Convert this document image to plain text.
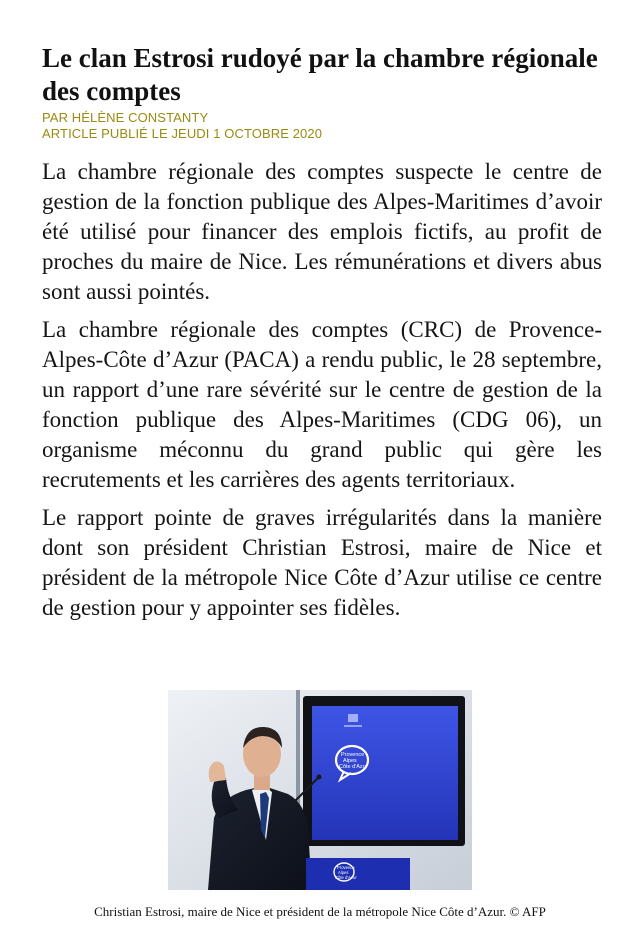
Le clan Estrosi rudoyé par la chambre régionale des comptes
PAR HÉLÈNE CONSTANTY
ARTICLE PUBLIÉ LE JEUDI 1 OCTOBRE 2020

La chambre régionale des comptes suspecte le centre de gestion de la fonction publique des Alpes-Maritimes d’avoir été utilisé pour financer des emplois fictifs, au profit de proches du maire de Nice. Les rémunérations et divers abus sont aussi pointés.

La chambre régionale des comptes (CRC) de Provence-Alpes-Côte d’Azur (PACA) a rendu public, le 28 septembre, un rapport d’une rare sévérité sur le centre de gestion de la fonction publique des Alpes-Maritimes (CDG 06), un organisme méconnu du grand public qui gère les recrutements et les carrières des agents territoriaux.

Le rapport pointe de graves irrégularités dans la manière dont son président Christian Estrosi, maire de Nice et président de la métropole Nice Côte d’Azur utilise ce centre de gestion pour y appointer ses fidèles.

Provence
Alpes
Côte d'Azur
Provence
Alpes
Côte d'Azur
Christian Estrosi, maire de Nice et président de la métropole Nice Côte d’Azur. © AFP
